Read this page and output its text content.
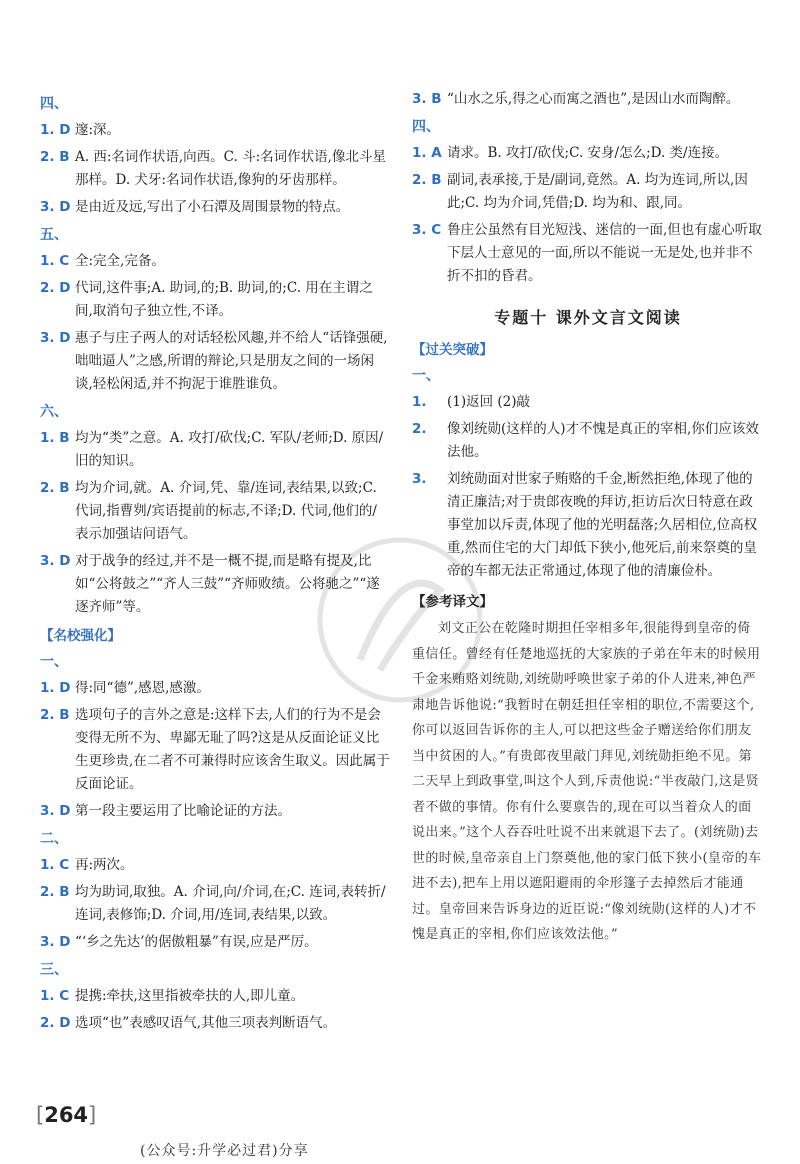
四、
1. D 邃:深。
2. B A. 西:名词作状语,向西。C. 斗:名词作状语,像北斗星那样。D. 犬牙:名词作状语,像狗的牙齿那样。
3. D 是由近及远,写出了小石潭及周围景物的特点。
五、
1. C 全:完全,完备。
2. D 代词,这件事;A. 助词,的;B. 助词,的;C. 用在主谓之间,取消句子独立性,不译。
3. D 惠子与庄子两人的对话轻松风趣,并不给人“话锋强硬,咄咄逼人”之感,所谓的辩论,只是朋友之间的一场闲谈,轻松闲适,并不拘泥于谁胜谁负。
六、
1. B 均为“类”之意。A. 攻打/砍伐;C. 军队/老师;D. 原因/旧的知识。
2. B 均为介词,就。A. 介词,凭、靠/连词,表结果,以致;C. 代词,指曹刿/宾语提前的标志,不译;D. 代词,他们的/表示加强诘问语气。
3. D 对于战争的经过,并不是一概不提,而是略有提及,比如“公将鼓之”“齐人三鼓”“齐师败绩。公将驰之”“遂逐齐师”等。
【名校强化】
一、
1. D 得:同“德”,感恩,感激。
2. B 选项句子的言外之意是:这样下去,人们的行为不是会变得无所不为、卑鄙无耻了吗?这是从反面论证义比生更珍贵,在二者不可兼得时应该舍生取义。因此属于反面论证。
3. D 第一段主要运用了比喻论证的方法。
二、
1. C 再:两次。
2. B 均为助词,取独。A. 介词,向/介词,在;C. 连词,表转折/连词,表修饰;D. 介词,用/连词,表结果,以致。
3. D “‘乡之先达’的倨傲粗暴”有误,应是严厉。
三、
1. C 提携:牵扶,这里指被牵扶的人,即儿童。
2. D 选项“也”表感叹语气,其他三项表判断语气。
3. B “山水之乐,得之心而寓之酒也”,是因山水而陶醉。
四、
1. A 请求。B. 攻打/砍伐;C. 安身/怎么;D. 类/连接。
2. B 副词,表承接,于是/副词,竟然。A. 均为连词,所以,因此;C. 均为介词,凭借;D. 均为和、跟,同。
3. C 鲁庄公虽然有目光短浅、迷信的一面,但也有虚心听取下层人士意见的一面,所以不能说一无是处,也并非不折不扣的昏君。
专题十 课外文言文阅读
【过关突破】
一、
1. (1)返回 (2)敲
2. 像刘统勋(这样的人)才不愧是真正的宰相,你们应该效法他。
3. 刘统勋面对世家子贿赂的千金,断然拒绝,体现了他的清正廉洁;对于贵郎夜晚的拜访,拒访后次日特意在政事堂加以斥责,体现了他的光明磊落;久居相位,位高权重,然而住宅的大门却低下狭小,他死后,前来祭奠的皇帝的车都无法正常通过,体现了他的清廉俭朴。
【参考译文】

刘文正公在乾隆时期担任宰相多年,很能得到皇帝的倚重信任。曾经有任楚地巡抚的大家族的子弟在年末的时候用千金来贿赂刘统勋,刘统勋呼唤世家子弟的仆人进来,神色严肃地告诉他说:“我暂时在朝廷担任宰相的职位,不需要这个,你可以返回告诉你的主人,可以把这些金子赠送给你们朋友当中贫困的人。”有贵郎夜里敲门拜见,刘统勋拒绝不见。第二天早上到政事堂,叫这个人到,斥责他说:“半夜敲门,这是贤者不做的事情。你有什么要禀告的,现在可以当着众人的面说出来。”这个人吞吞吐吐说不出来就退下去了。(刘统勋)去世的时候,皇帝亲自上门祭奠他,他的家门低下狭小(皇帝的车进不去),把车上用以遮阳避雨的伞形篷子去掉然后才能通过。皇帝回来告诉身边的近臣说:“像刘统勋(这样的人)才不愧是真正的宰相,你们应该效法他。”

[264]
(公众号:升学必过君)分享
